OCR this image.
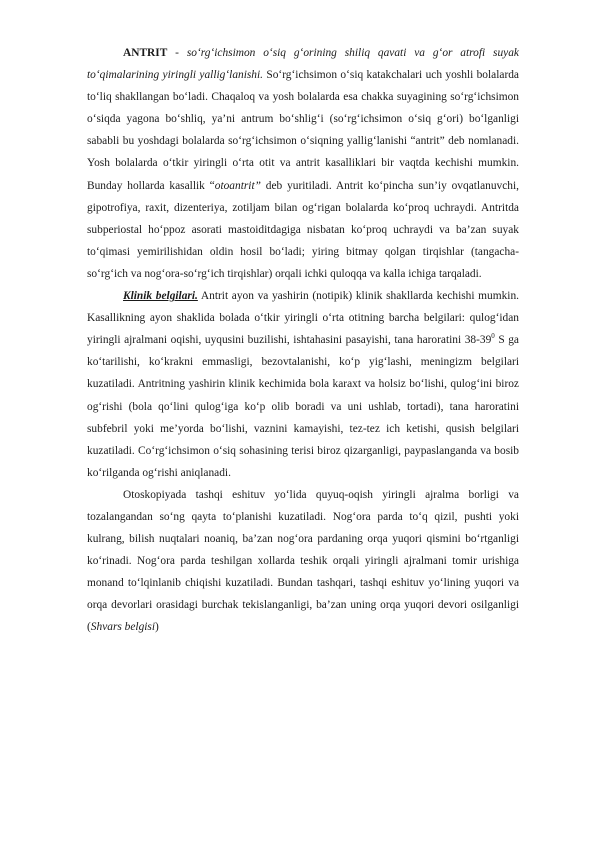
ANTRIT - so‘rg‘ichsimon o‘siq g‘orining shiliq qavati va g‘or atrofi suyak to‘qimalarining yiringli yallig‘lanishi. So‘rg‘ichsimon o‘siq katakchalari uch yoshli bolalarda to‘liq shakllangan bo‘ladi. Chaqaloq va yosh bolalarda esa chakka suyagining so‘rg‘ichsimon o‘siqda yagona bo‘shliq, ya’ni antrum bo‘shlig‘i (so‘rg‘ichsimon o‘siq g‘ori) bo‘lganligi sababli bu yoshdagi bolalarda so‘rg‘ichsimon o‘siqning yallig‘lanishi “antrit” deb nomlanadi. Yosh bolalarda o‘tkir yiringli o‘rta otit va antrit kasalliklari bir vaqtda kechishi mumkin. Bunday hollarda kasallik “otoantrit” deb yuritiladi. Antrit ko‘pincha sun’iy ovqatlanuvchi, gipotrofiya, raxit, dizenteriya, zotiljam bilan og‘rigan bolalarda ko‘proq uchraydi. Antritda subperiostal ho‘ppoz asorati mastoiditdagiga nisbatan ko‘proq uchraydi va ba’zan suyak to‘qimasi yemirilishidan oldin hosil bo‘ladi; yiring bitmay qolgan tirqishlar (tangacha-so‘rg‘ich va nog‘ora-so‘rg‘ich tirqishlar) orqali ichki quloqqa va kalla ichiga tarqaladi.

Klinik belgilari. Antrit ayon va yashirin (notipik) klinik shakllarda kechishi mumkin. Kasallikning ayon shaklida bolada o‘tkir yiringli o‘rta otitning barcha belgilari: qulog‘idan yiringli ajralmani oqishi, uyqusini buzilishi, ishtahasini pasayishi, tana haroratini $38-39^0$ S ga ko‘tarilishi, ko‘krakni emmasligi, bezovtalanishi, ko‘p yig‘lashi, meningizm belgilari kuzatiladi. Antritning yashirin klinik kechimida bola karaxt va holsiz bo‘lishi, qulog‘ini biroz og‘rishi (bola qo‘lini qulog‘iga ko‘p olib boradi va uni ushlab, tortadi), tana haroratini subfebril yoki me’yorda bo‘lishi, vaznini kamayishi, tez-tez ich ketishi, qusish belgilari kuzatiladi. Co‘rg‘ichsimon o‘siq sohasining terisi biroz qizarganligi, paypaslanganda va bosib ko‘rilganda og‘rishi aniqlanadi.

Otoskopiyada tashqi eshituv yo‘lida quyuq-oqish yiringli ajralma borligi va tozalangandan so‘ng qayta to‘planishi kuzatiladi. Nog‘ora parda to‘q qizil, pushti yoki kulrang, bilish nuqtalari noaniq, ba’zan nog‘ora pardaning orqa yuqori qismini bo‘rtganligi ko‘rinadi. Nog‘ora parda teshilgan xollarda teshik orqali yiringli ajralmani tomir urishiga monand to‘lqinlanib chiqishi kuzatiladi. Bundan tashqari, tashqi eshituv yo‘lining yuqori va orqa devorlari orasidagi burchak tekislanganligi, ba’zan uning orqa yuqori devori osilganligi (Shvars belgisi)
